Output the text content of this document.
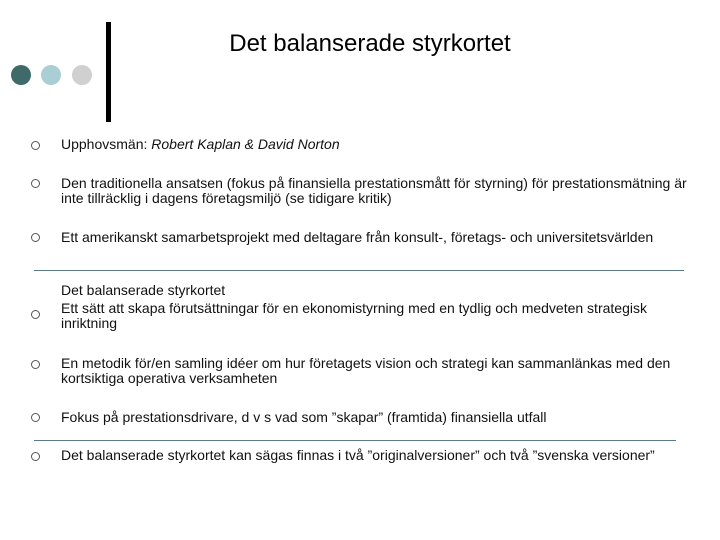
Det balanserade styrkortet
Upphovsmän: Robert Kaplan & David Norton
Den traditionella ansatsen (fokus på finansiella prestationsmått för styrning) för prestationsmätning är inte tillräcklig i dagens företagsmiljö (se tidigare kritik)
Ett amerikanskt samarbetsprojekt med deltagare från konsult-, företags- och universitetsvärlden
Det balanserade styrkortet
Ett sätt att skapa förutsättningar för en ekonomistyrning med en tydlig och medveten strategisk inriktning
En metodik för/en samling idéer om hur företagets vision och strategi kan sammanlänkas med den kortsiktiga operativa verksamheten
Fokus på prestationsdrivare, d v s vad som ”skapar” (framtida) finansiella utfall
Det balanserade styrkortet kan sägas finnas i två ”originalversioner” och två ”svenska versioner”
